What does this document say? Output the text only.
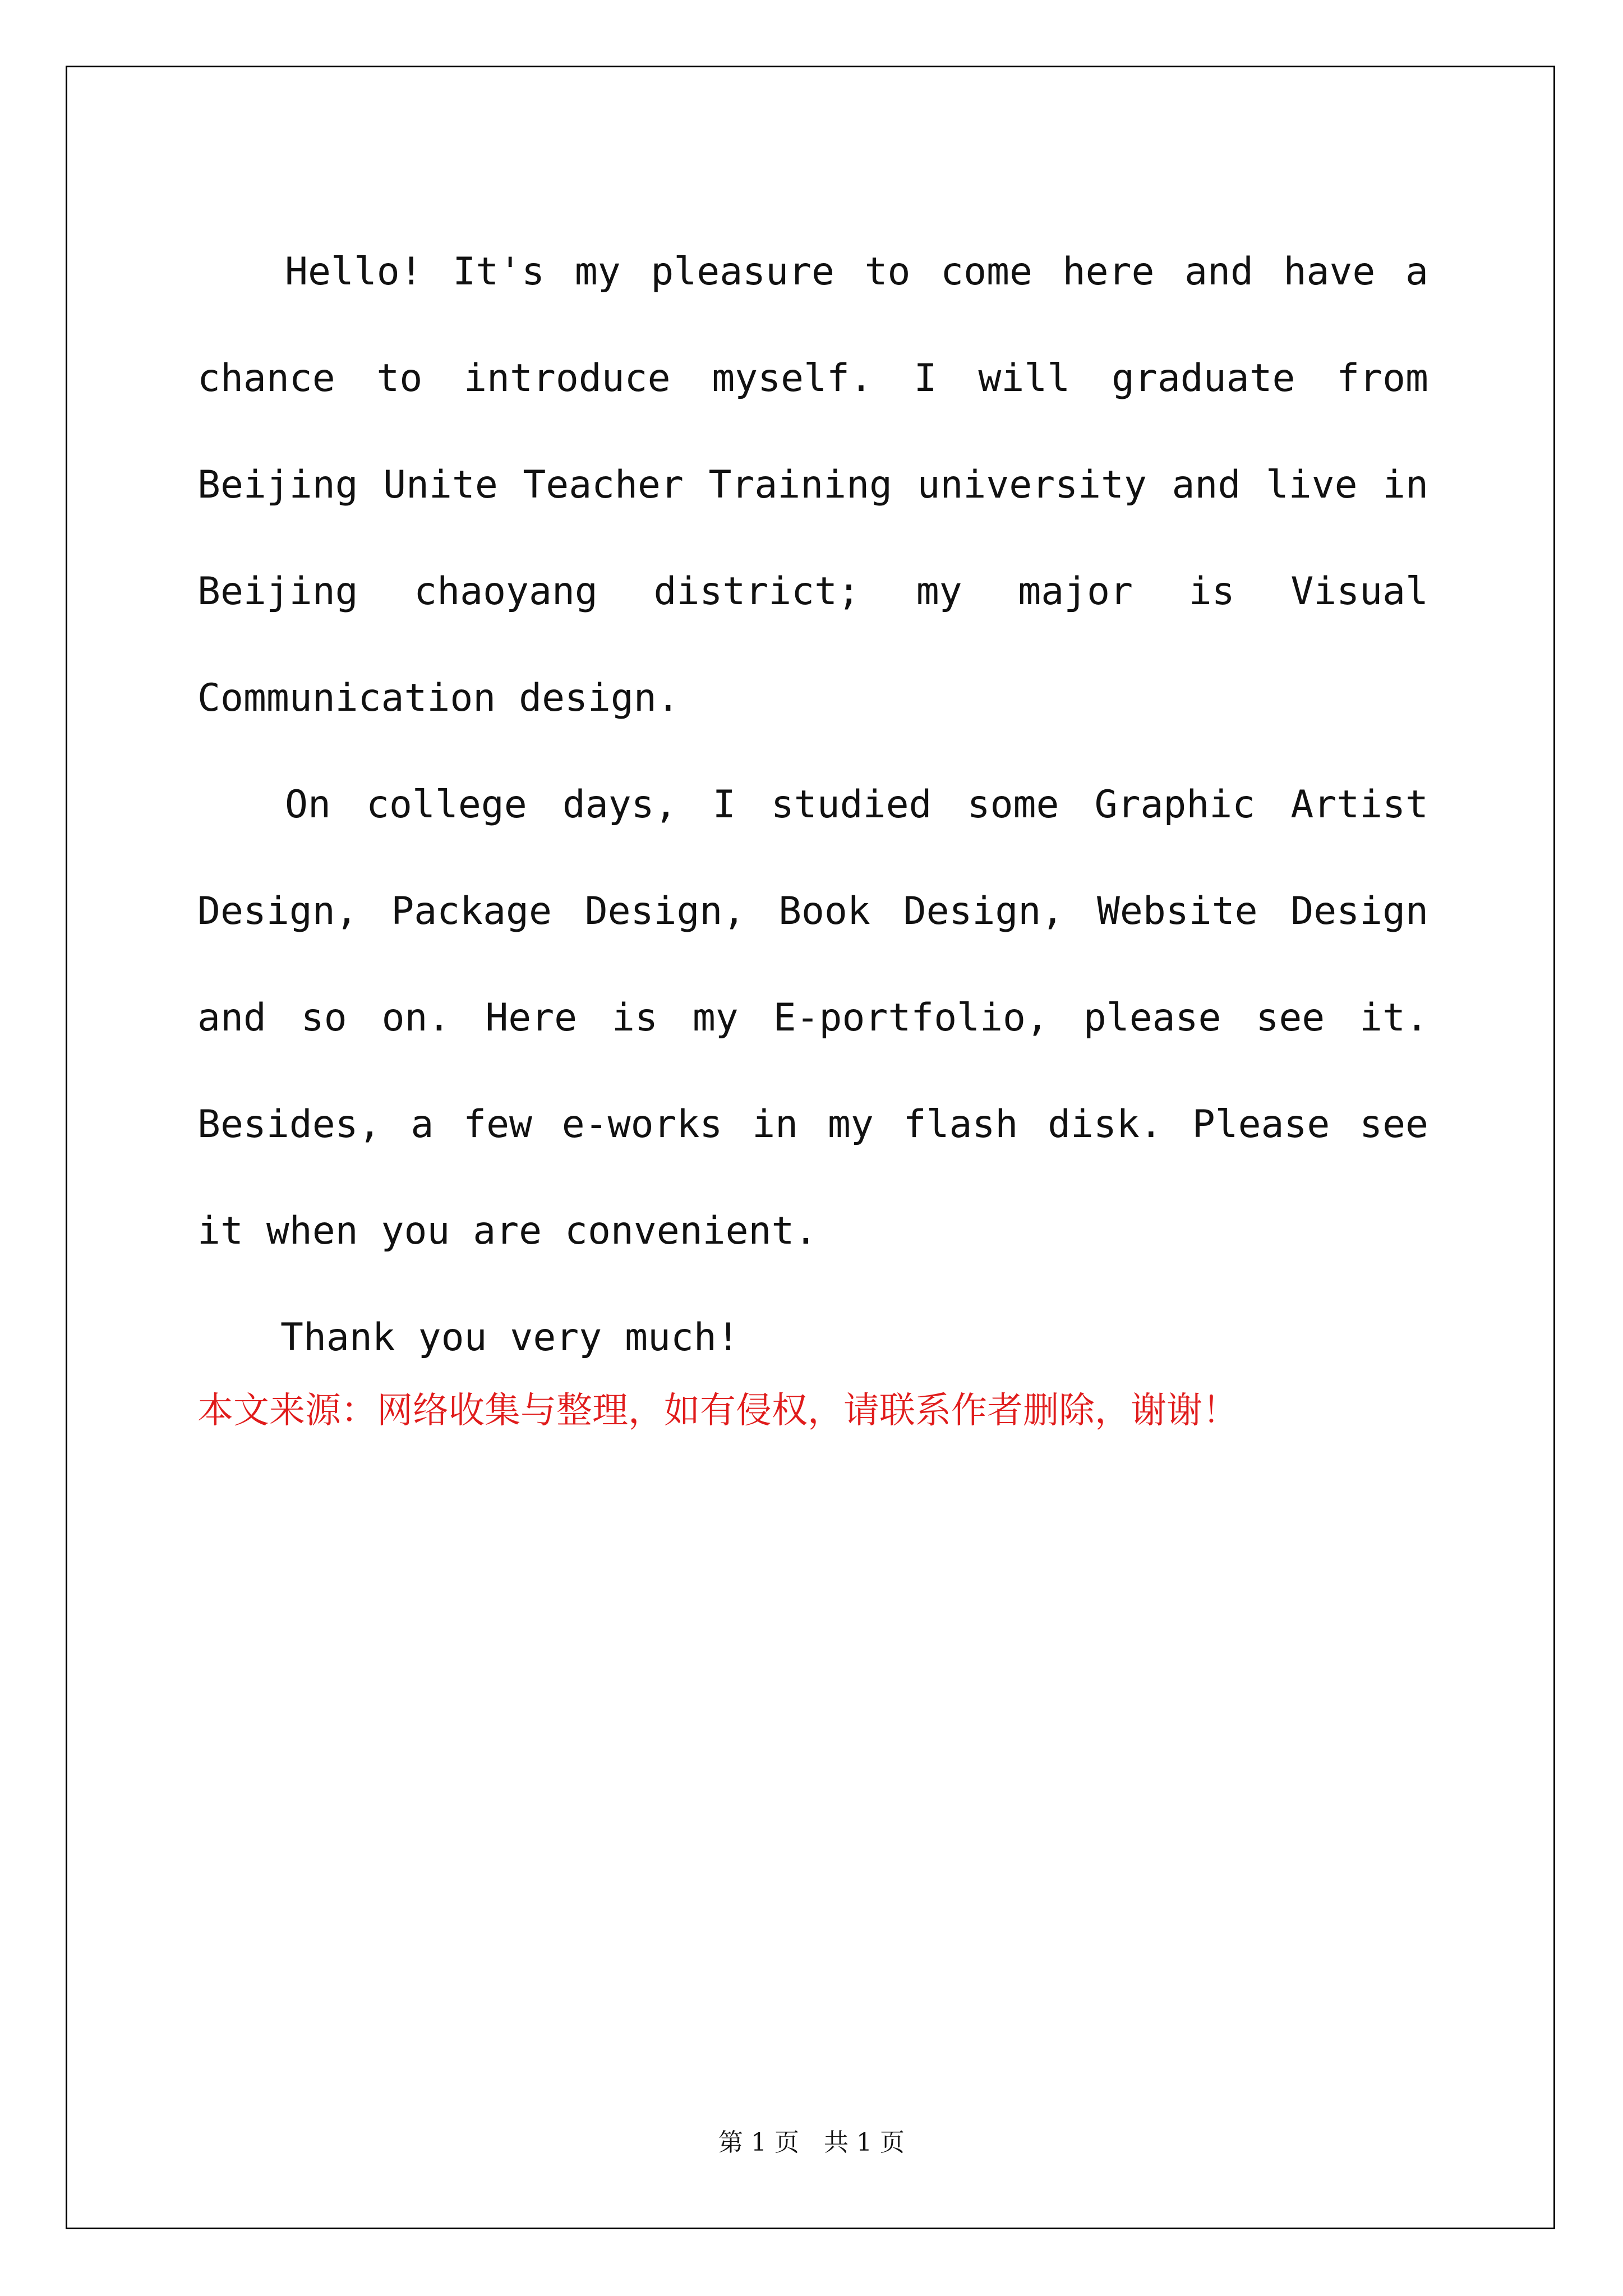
Hello! It's my pleasure to come here and have a chance to introduce myself. I will graduate from Beijing Unite Teacher Training university and live in Beijing chaoyang district; my major is Visual Communication design.

On college days, I studied some Graphic Artist Design, Package Design, Book Design, Website Design and so on. Here is my E-portfolio, please see it. Besides, a few e-works in my flash disk. Please see it when you are convenient.

Thank you very much!

本文来源：网络收集与整理，如有侵权，请联系作者删除，谢谢！
第 1 页 共 1 页
